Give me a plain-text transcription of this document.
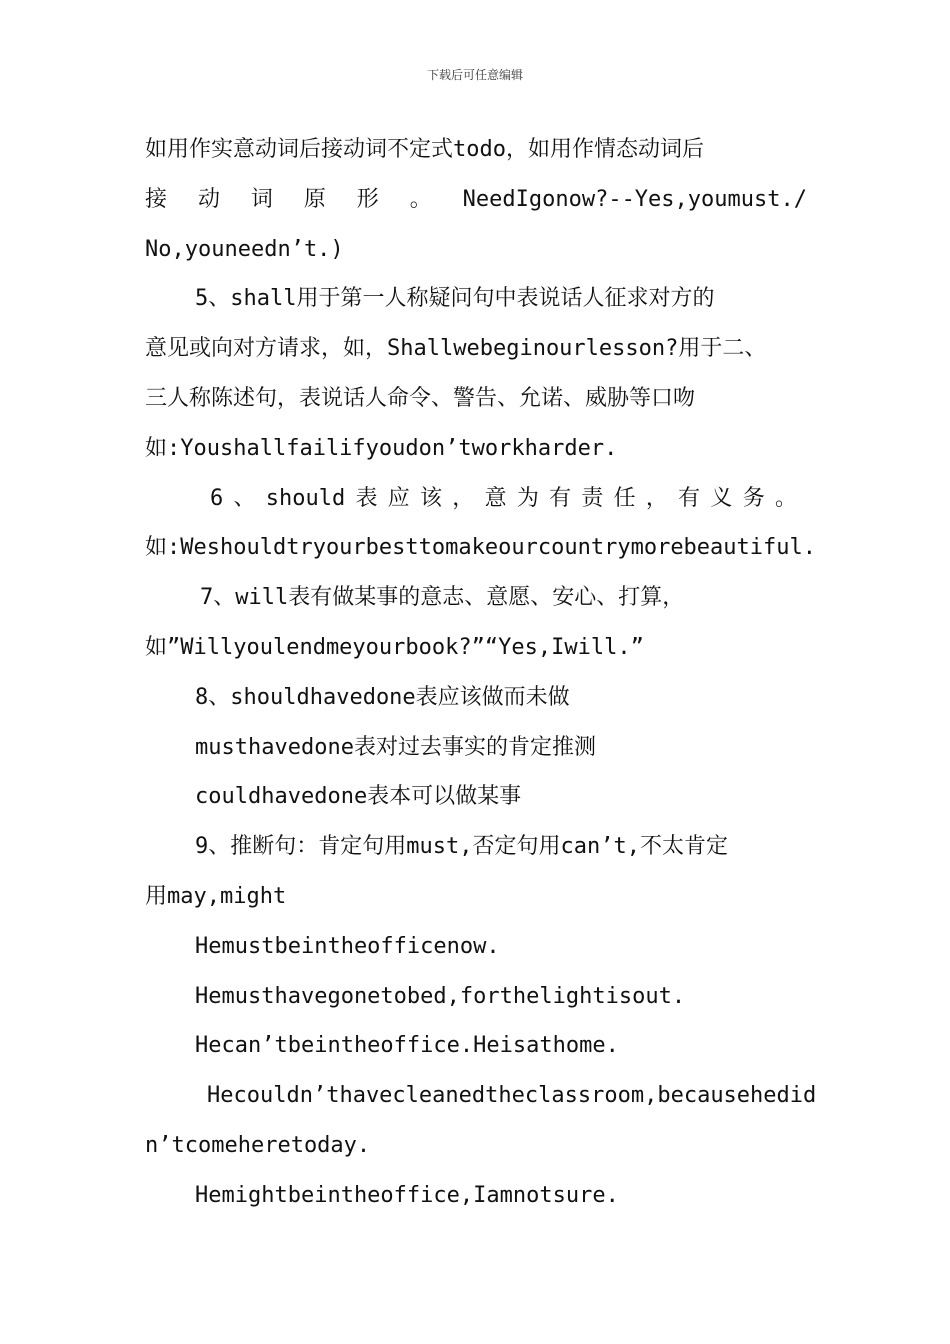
下载后可任意编辑
如用作实意动词后接动词不定式todo，如用作情态动词后
接 动 词 原 形 。 NeedIgonow?--Yes,youmust./
No,youneedn’t.)
5、shall用于第一人称疑问句中表说话人征求对方的
意见或向对方请求，如，Shallwebeginourlesson?用于二、
三人称陈述句，表说话人命令、警告、允诺、威胁等口吻
如:Youshallfailifyoudon’tworkharder.
6 、 should 表 应 该 ， 意 为 有 责 任 ， 有 义 务 。
如:Weshouldtryourbesttomakeourcountrymorebeautiful.
7、will表有做某事的意志、意愿、安心、打算，
如”Willyoulendmeyourbook?”“Yes,Iwill.”
8、shouldhavedone表应该做而未做
musthavedone表对过去事实的肯定推测
couldhavedone表本可以做某事
9、推断句：肯定句用must,否定句用can’t,不太肯定
用may,might
Hemustbeintheofficenow.
Hemusthavegonetobed,forthelightisout.
Hecan’tbeintheoffice.Heisathome.
Hecouldn’thavecleanedtheclassroom,becausehedid
n’tcomeheretoday.
Hemightbeintheoffice,Iamnotsure.
